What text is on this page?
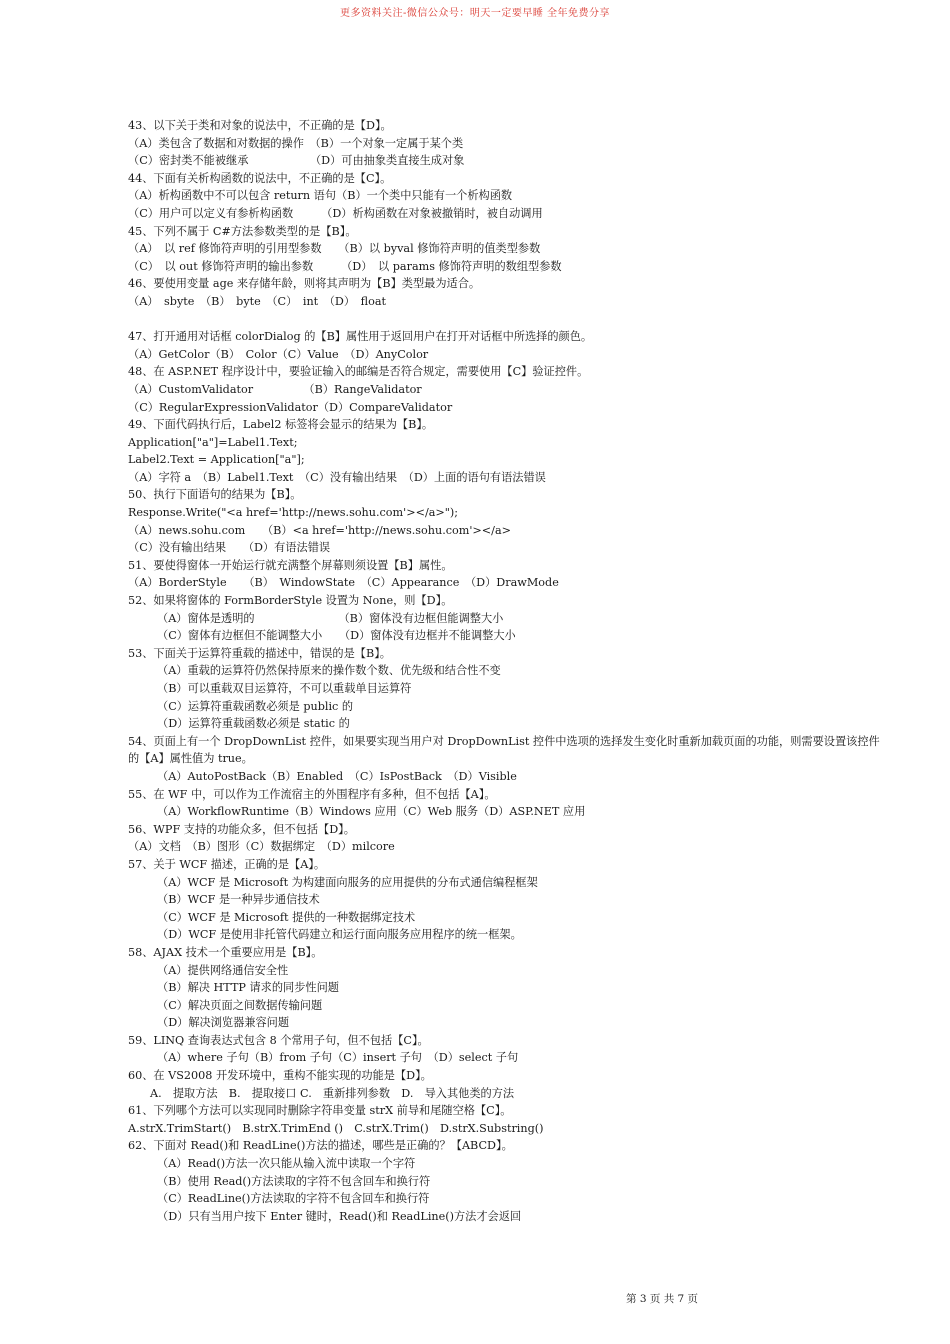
更多资料关注-微信公众号：明天一定要早睡 全年免费分享
43、以下关于类和对象的说法中，不正确的是【D】。
（A）类包含了数据和对数据的操作　（B）一个对象一定属于某个类
（C）密封类不能被继承　　　　　　（D）可由抽象类直接生成对象
44、下面有关析构函数的说法中，不正确的是【C】。
（A）析构函数中不可以包含 return 语句（B）一个类中只能有一个析构函数
（C）用户可以定义有参析构函数　　　（D）析构函数在对象被撤销时，被自动调用
45、下列不属于 C#方法参数类型的是【B】。
（A）　以 ref 修饰符声明的引用型参数　　（B）以 byval 修饰符声明的值类型参数
（C）　以 out 修饰符声明的输出参数　　　（D）　以 params 修饰符声明的数组型参数
46、要使用变量 age 来存储年龄，则将其声明为【B】类型最为适合。
（A）　sbyte　（B）　byte　（C）　int　（D）　float
47、打开通用对话框 colorDialog 的【B】属性用于返回用户在打开对话框中所选择的颜色。
（A）GetColor（B）　Color（C）Value　（D）AnyColor
48、在 ASP.NET 程序设计中，要验证输入的邮编是否符合规定，需要使用【C】验证控件。
（A）CustomValidator　　　　　（B）RangeValidator
（C）RegularExpressionValidator（D）CompareValidator
49、下面代码执行后，Label2 标签将会显示的结果为【B】。
Application["a"]=Label1.Text;
Label2.Text = Application["a"];
（A）字符 a　（B）Label1.Text　（C）没有输出结果　（D）上面的语句有语法错误
50、执行下面语句的结果为【B】。
Response.Write("<a href='http://news.sohu.com'></a>");
（A）news.sohu.com　　（B）<a href='http://news.sohu.com'></a>
（C）没有输出结果　　（D）有语法错误
51、要使得窗体一开始运行就充满整个屏幕则须设置【B】属性。
（A）BorderStyle　　（B）　WindowState　（C）Appearance　（D）DrawMode
52、如果将窗体的 FormBorderStyle 设置为 None，则【D】。
（A）窗体是透明的　　　　　　　　（B）窗体没有边框但能调整大小
（C）窗体有边框但不能调整大小　　（D）窗体没有边框并不能调整大小
53、下面关于运算符重载的描述中，错误的是【B】。
（A）重载的运算符仍然保持原来的操作数个数、优先级和结合性不变
（B）可以重载双目运算符，不可以重载单目运算符
（C）运算符重载函数必须是 public 的
（D）运算符重载函数必须是 static 的
54、页面上有一个 DropDownList 控件，如果要实现当用户对 DropDownList 控件中选项的选择发生变化时重新加载页面的功能，则需要设置该控件
的【A】属性值为 true。
（A）AutoPostBack（B）Enabled　（C）IsPostBack　（D）Visible
55、在 WF 中，可以作为工作流宿主的外围程序有多种，但不包括【A】。
（A）WorkflowRuntime（B）Windows 应用（C）Web 服务（D）ASP.NET 应用
56、WPF 支持的功能众多，但不包括【D】。
（A）文档　（B）图形（C）数据绑定　（D）milcore
57、关于 WCF 描述，正确的是【A】。
（A）WCF 是 Microsoft 为构建面向服务的应用提供的分布式通信编程框架
（B）WCF 是一种异步通信技术
（C）WCF 是 Microsoft 提供的一种数据绑定技术
（D）WCF 是使用非托管代码建立和运行面向服务应用程序的统一框架。
58、AJAX 技术一个重要应用是【B】。
（A）提供网络通信安全性
（B）解决 HTTP 请求的同步性问题
（C）解决页面之间数据传输问题
（D）解决浏览器兼容问题
59、LINQ 查询表达式包含 8 个常用子句，但不包括【C】。
（A）where 子句（B）from 子句（C）insert 子句　（D）select 子句
60、在 VS2008 开发环境中，重构不能实现的功能是【D】。
A.　提取方法　B.　提取接口 C.　重新排列参数　D.　导入其他类的方法
61、下列哪个方法可以实现同时删除字符串变量 strX 前导和尾随空格【C】。
A.strX.TrimStart()　B.strX.TrimEnd ()　C.strX.Trim()　D.strX.Substring()
62、下面对 Read()和 ReadLine()方法的描述，哪些是正确的？【ABCD】。
（A）Read()方法一次只能从输入流中读取一个字符
（B）使用 Read()方法读取的字符不包含回车和换行符
（C）ReadLine()方法读取的字符不包含回车和换行符
（D）只有当用户按下 Enter 键时，Read()和 ReadLine()方法才会返回
第 3 页 共 7 页
